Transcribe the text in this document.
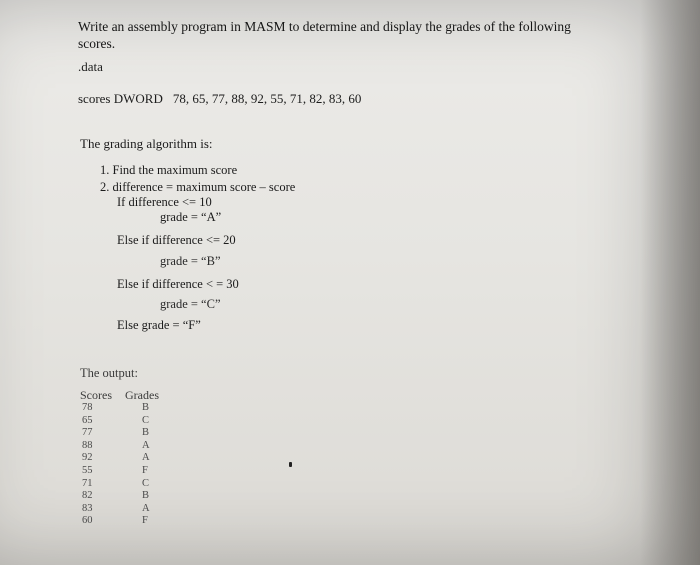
Write an assembly program in MASM to determine and display the grades of the following scores.
.data
scores DWORD 78, 65, 77, 88, 92, 55, 71, 82, 83, 60
The grading algorithm is:
1. Find the maximum score
2. difference = maximum score – score
If difference <= 10
grade = “A”
Else if difference <= 20
grade = “B”
Else if difference < = 30
grade = “C”
Else grade = “F”
The output:
Scores Grades
78
65
77
88
92
55
71
82
83
60
B
C
B
A
A
F
C
B
A
F
